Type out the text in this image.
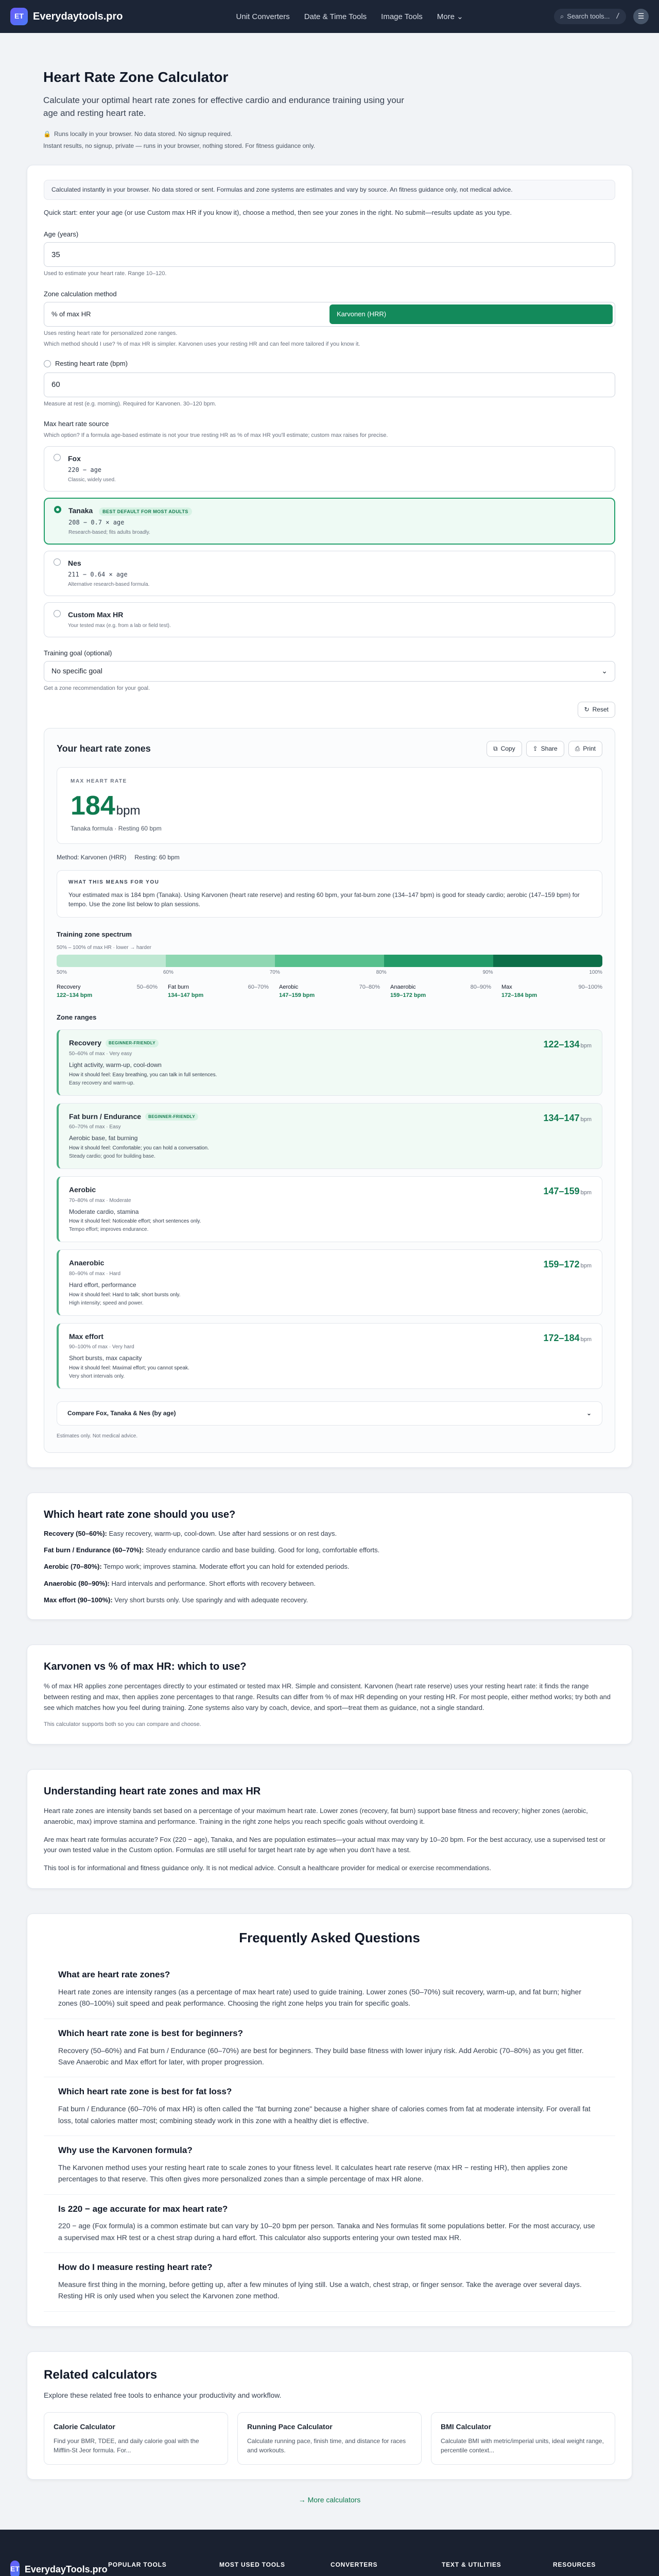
ET Everydaytools.pro	Unit Converters Date & Time Tools Image Tools More ⌄	⌕ Search tools... /	☰
Heart Rate Zone Calculator

Calculate your optimal heart rate zones for effective cardio and endurance training using your age and resting heart rate.

🔒 Runs locally in your browser. No data stored. No signup required.
Instant results, no signup, private — runs in your browser, nothing stored. For fitness guidance only.
Calculated instantly in your browser. No data stored or sent. Formulas and zone systems are estimates and vary by source. An fitness guidance only, not medical advice.

Quick start: enter your age (or use Custom max HR if you know it), choose a method, then see your zones in the right. No submit—results update as you type.

Age (years)
35
Used to estimate your heart rate. Range 10–120.
Zone calculation method
% of max HR	Karvonen (HRR)
Uses resting heart rate for personalized zone ranges.
Which method should I use? % of max HR is simpler. Karvonen uses your resting HR and can feel more tailored if you know it.
Resting heart rate (bpm)
60
Measure at rest (e.g. morning). Required for Karvonen. 30–120 bpm.
Max heart rate source
Which option? If a formula age-based estimate is not your true resting HR as % of max HR you'll estimate; custom max raises for precise.
Fox
220 − age
Classic, widely used.
Tanaka BEST DEFAULT FOR MOST ADULTS
208 − 0.7 × age
Research-based; fits adults broadly.
Nes
211 − 0.64 × age
Alternative research-based formula.
Custom Max HR
Your tested max (e.g. from a lab or field test).
Training goal (optional)
No specific goal	⌄
Get a zone recommendation for your goal.
↻ Reset
Your heart rate zones	⧉ Copy	⇪ Share	⎙ Print
MAX HEART RATE
184bpm
Tanaka formula · Resting 60 bpm
Method: Karvonen (HRR) Resting: 60 bpm
WHAT THIS MEANS FOR YOU

Your estimated max is 184 bpm (Tanaka). Using Karvonen (heart rate reserve) and resting 60 bpm, your fat-burn zone (134–147 bpm) is good for steady cardio; aerobic (147–159 bpm) for tempo. Use the zone list below to plan sessions.

Training zone spectrum
50% – 100% of max HR · lower → harder
50%	60%	70%	80%	90%	100%
Recovery	50–60%
122–134 bpm
Fat burn	60–70%
134–147 bpm
Aerobic	70–80%
147–159 bpm
Anaerobic	80–90%
159–172 bpm
Max	90–100%
172–184 bpm
Zone ranges
Recovery	BEGINNER-FRIENDLY
50–60% of max · Very easy
Light activity, warm-up, cool-down
How it should feel: Easy breathing, you can talk in full sentences.
Easy recovery and warm-up.
122–134 bpm
Fat burn / Endurance	BEGINNER-FRIENDLY
60–70% of max · Easy
Aerobic base, fat burning
How it should feel: Comfortable; you can hold a conversation.
Steady cardio; good for building base.
134–147 bpm
Aerobic
70–80% of max · Moderate
Moderate cardio, stamina
How it should feel: Noticeable effort; short sentences only.
Tempo effort; improves endurance.
147–159 bpm
Anaerobic
80–90% of max · Hard
Hard effort, performance
How it should feel: Hard to talk; short bursts only.
High intensity; speed and power.
159–172 bpm
Max effort
90–100% of max · Very hard
Short bursts, max capacity
How it should feel: Maximal effort; you cannot speak.
Very short intervals only.
172–184 bpm
Compare Fox, Tanaka & Nes (by age)	⌄
Estimates only. Not medical advice.
Which heart rate zone should you use?
Recovery (50–60%): Easy recovery, warm-up, cool-down. Use after hard sessions or on rest days.
Fat burn / Endurance (60–70%): Steady endurance cardio and base building. Good for long, comfortable efforts.
Aerobic (70–80%): Tempo work; improves stamina. Moderate effort you can hold for extended periods.
Anaerobic (80–90%): Hard intervals and performance. Short efforts with recovery between.
Max effort (90–100%): Very short bursts only. Use sparingly and with adequate recovery.
Karvonen vs % of max HR: which to use?

% of max HR applies zone percentages directly to your estimated or tested max HR. Simple and consistent. Karvonen (heart rate reserve) uses your resting heart rate: it finds the range between resting and max, then applies zone percentages to that range. Results can differ from % of max HR depending on your resting HR. For most people, either method works; try both and see which matches how you feel during training. Zone systems also vary by coach, device, and sport—treat them as guidance, not a single standard.

This calculator supports both so you can compare and choose.

Understanding heart rate zones and max HR

Heart rate zones are intensity bands set based on a percentage of your maximum heart rate. Lower zones (recovery, fat burn) support base fitness and recovery; higher zones (aerobic, anaerobic, max) improve stamina and performance. Training in the right zone helps you reach specific goals without overdoing it.

Are max heart rate formulas accurate? Fox (220 − age), Tanaka, and Nes are population estimates—your actual max may vary by 10–20 bpm. For the best accuracy, use a supervised test or your own tested value in the Custom option. Formulas are still useful for target heart rate by age when you don't have a test.

This tool is for informational and fitness guidance only. It is not medical advice. Consult a healthcare provider for medical or exercise recommendations.

Frequently Asked Questions
What are heart rate zones?

Heart rate zones are intensity ranges (as a percentage of max heart rate) used to guide training. Lower zones (50–70%) suit recovery, warm-up, and fat burn; higher zones (80–100%) suit speed and peak performance. Choosing the right zone helps you train for specific goals.

Which heart rate zone is best for beginners?

Recovery (50–60%) and Fat burn / Endurance (60–70%) are best for beginners. They build base fitness with lower injury risk. Add Aerobic (70–80%) as you get fitter. Save Anaerobic and Max effort for later, with proper progression.

Which heart rate zone is best for fat loss?

Fat burn / Endurance (60–70% of max HR) is often called the "fat burning zone" because a higher share of calories comes from fat at moderate intensity. For overall fat loss, total calories matter most; combining steady work in this zone with a healthy diet is effective.

Why use the Karvonen formula?

The Karvonen method uses your resting heart rate to scale zones to your fitness level. It calculates heart rate reserve (max HR − resting HR), then applies zone percentages to that reserve. This often gives more personalized zones than a simple percentage of max HR alone.

Is 220 − age accurate for max heart rate?

220 − age (Fox formula) is a common estimate but can vary by 10–20 bpm per person. Tanaka and Nes formulas fit some populations better. For the most accuracy, use a supervised max HR test or a chest strap during a hard effort. This calculator also supports entering your own tested max HR.

How do I measure resting heart rate?

Measure first thing in the morning, before getting up, after a few minutes of lying still. Use a watch, chest strap, or finger sensor. Take the average over several days. Resting HR is only used when you select the Karvonen zone method.

Related calculators

Explore these related free tools to enhance your productivity and workflow.

Calorie Calculator

Find your BMR, TDEE, and daily calorie goal with the Mifflin-St Jeor formula. For...

Running Pace Calculator

Calculate running pace, finish time, and distance for races and workouts.

BMI Calculator

Calculate BMI with metric/imperial units, ideal weight range, percentile context...

→ More calculators
ET EverydayTools.pro POPULAR TOOLS	MOST USED TOOLS	CONVERTERS	TEXT & UTILITIES	RESOURCES
